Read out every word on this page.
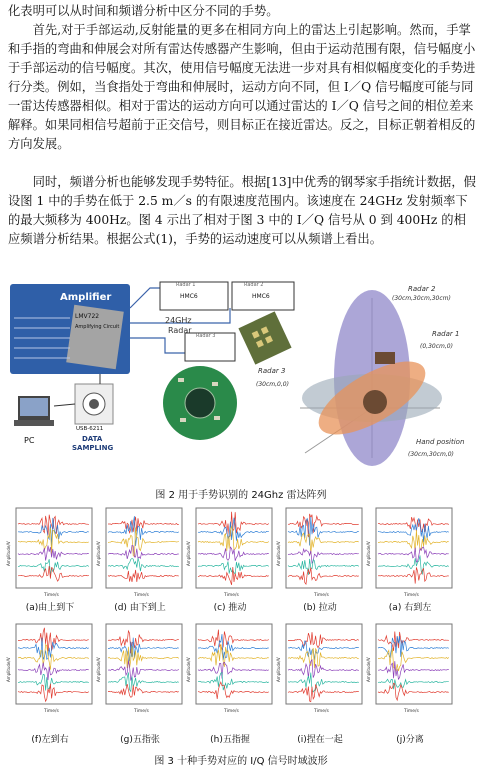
化表明可以从时间和频谱分析中区分不同的手势。

首先,对于手部运动,反射能量的更多在相同方向上的雷达上引起影响。然而，手掌和手指的弯曲和伸展会对所有雷达传感器产生影响，但由于运动范围有限，信号幅度小于手部运动的信号幅度。其次，使用信号幅度无法进一步对具有相似幅度变化的手势进行分类。例如，当食指处于弯曲和伸展时，运动方向不同，但 I／Q 信号幅度可能与同一雷达传感器相似。相对于雷达的运动方向可以通过雷达的 I／Q 信号之间的相位差来解释。如果同相信号超前于正交信号，则目标正在接近雷达。反之，目标正朝着相反的方向发展。

同时，频谱分析也能够发现手势特征。根据[13]中优秀的钢琴家手指统计数据，假设图 1 中的手势在低于 2.5 m／s 的有限速度范围内。该速度在 24GHz 发射频率下的最大频移为 400Hz。图 4 示出了相对于图 3 中的 I／Q 信号从 0 到 400Hz 的相应频谱分析结果。根据公式(1)，手势的运动速度可以从频谱上看出。

Amplifier
LMV722
Amplifying Circuit
Radar 1
HMC6
Radar 2
HMC6
Radar 3
24GHz
Radar
PC
USB-6211
DATA
SAMPLING
Radar 2
(30cm,30cm,30cm)
Radar 1
(0,30cm,0)
Radar 3
(30cm,0,0)
Hand position
(30cm,30cm,0)
图 2 用于手势识别的 24Ghz 雷达阵列
Amplitude/V
Time/s
(a)由上到下
Amplitude/V
Time/s
(d) 由下到上
Amplitude/V
Time/s
(c) 推动
Amplitude/V
Time/s
(b) 拉动
Amplitude/V
Time/s
(a) 右到左
Amplitude/V
Time/s
(f)左到右
Amplitude/V
Time/s
(g)五指张
Amplitude/V
Time/s
(h)五指握
Amplitude/V
Time/s
(i)捏在一起
Amplitude/V
Time/s
(j)分离
图 3 十种手势对应的 I/Q 信号时域波形
